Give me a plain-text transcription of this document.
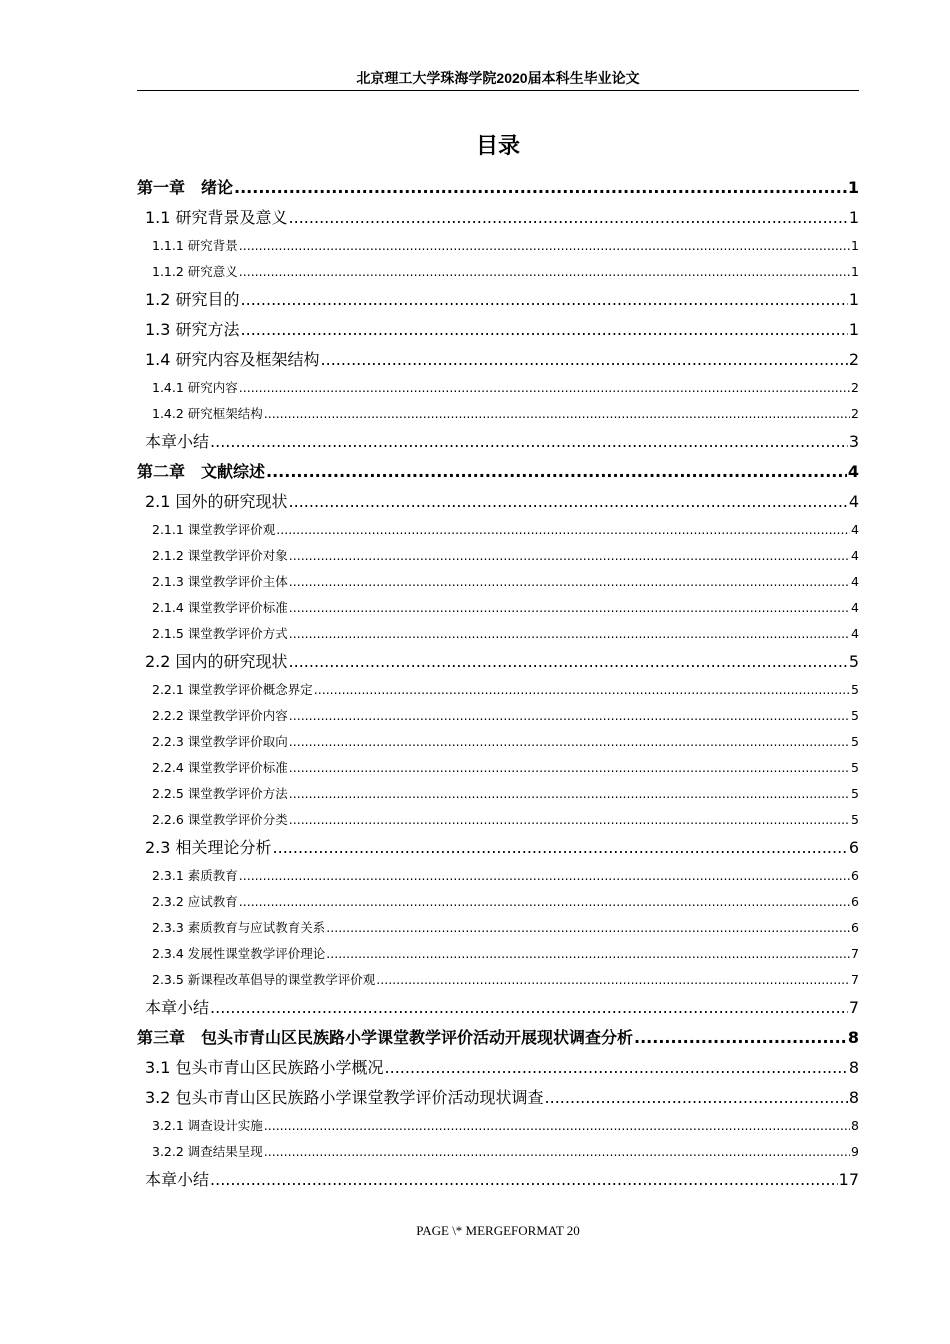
北京理工大学珠海学院2020届本科生毕业论文
目录
第一章　绪论 .....	1
1.1 研究背景及意义 .....	1
1.1.1 研究背景 .....	1
1.1.2 研究意义 .....	1
1.2 研究目的 .....	1
1.3 研究方法 .....	1
1.4 研究内容及框架结构 .....	2
1.4.1 研究内容 .....	2
1.4.2 研究框架结构 .....	2
本章小结 .....	3
第二章　文献综述 .....	4
2.1 国外的研究现状 .....	4
2.1.1 课堂教学评价观 .....	4
2.1.2 课堂教学评价对象 .....	4
2.1.3 课堂教学评价主体 .....	4
2.1.4 课堂教学评价标准 .....	4
2.1.5 课堂教学评价方式 .....	4
2.2 国内的研究现状 .....	5
2.2.1 课堂教学评价概念界定 .....	5
2.2.2 课堂教学评价内容 .....	5
2.2.3 课堂教学评价取向 .....	5
2.2.4 课堂教学评价标准 .....	5
2.2.5 课堂教学评价方法 .....	5
2.2.6 课堂教学评价分类 .....	5
2.3 相关理论分析 .....	6
2.3.1 素质教育 .....	6
2.3.2 应试教育 .....	6
2.3.3 素质教育与应试教育关系 .....	6
2.3.4 发展性课堂教学评价理论 .....	7
2.3.5 新课程改革倡导的课堂教学评价观 .....	7
本章小结 .....	7
第三章　包头市青山区民族路小学课堂教学评价活动开展现状调查分析 .....	8
3.1 包头市青山区民族路小学概况 .....	8
3.2 包头市青山区民族路小学课堂教学评价活动现状调查 .....	8
3.2.1 调查设计实施 .....	8
3.2.2 调查结果呈现 .....	9
本章小结 .....	17
PAGE \* MERGEFORMAT 20
